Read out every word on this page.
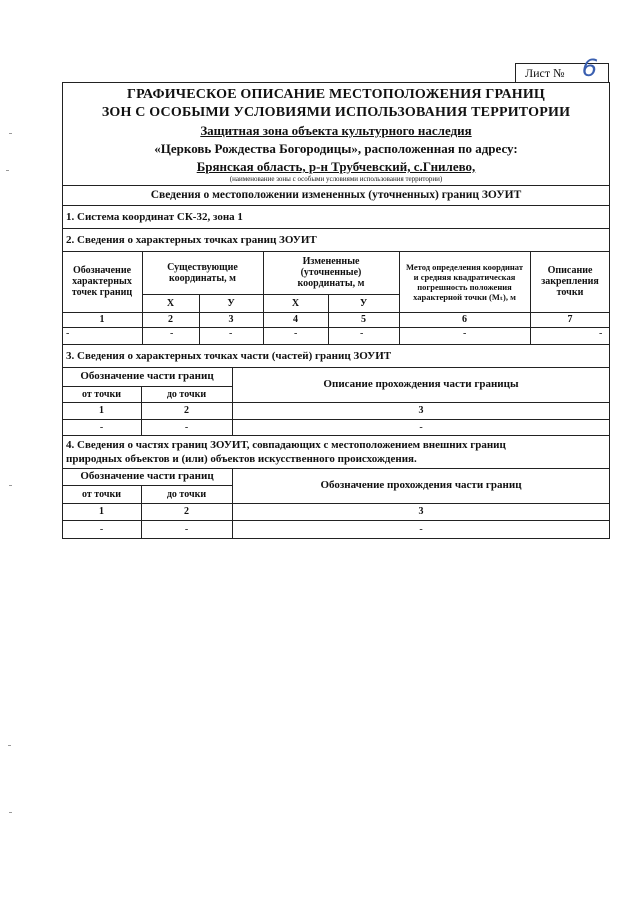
Лист № 6
ГРАФИЧЕСКОЕ ОПИСАНИЕ МЕСТОПОЛОЖЕНИЯ ГРАНИЦ
ЗОН С ОСОБЫМИ УСЛОВИЯМИ ИСПОЛЬЗОВАНИЯ ТЕРРИТОРИИ
Защитная зона объекта культурного наследия
«Церковь Рождества Богородицы», расположенная по адресу:
Брянская область, р-н Трубчевский, с.Гнилево,
(наименование зоны с особыми условиями использования территории)
Сведения о местоположении измененных (уточненных) границ ЗОУИТ
1. Система координат СК-32, зона 1
2. Сведения о характерных точках границ ЗОУИТ
Обозначение характерных точек границ
Существующие координаты, м
Измененные (уточненные) координаты, м
Метод определения координат и средняя квадратическая погрешность положения характерной точки (Mₜ), м
Описание закрепления точки
Х	У	Х	У
1	2	3	4	5	6	7
-	-	-	-	-	-	-
3. Сведения о характерных точках части (частей) границ ЗОУИТ
Обозначение части границ
от точки	до точки
Описание прохождения части границы
1	2	3
-	-	-
4. Сведения о частях границ ЗОУИТ, совпадающих с местоположением внешних границ
природных объектов и (или) объектов искусственного происхождения.
Обозначение части границ
от точки	до точки
Обозначение прохождения части границ
1	2	3
-	-	-
